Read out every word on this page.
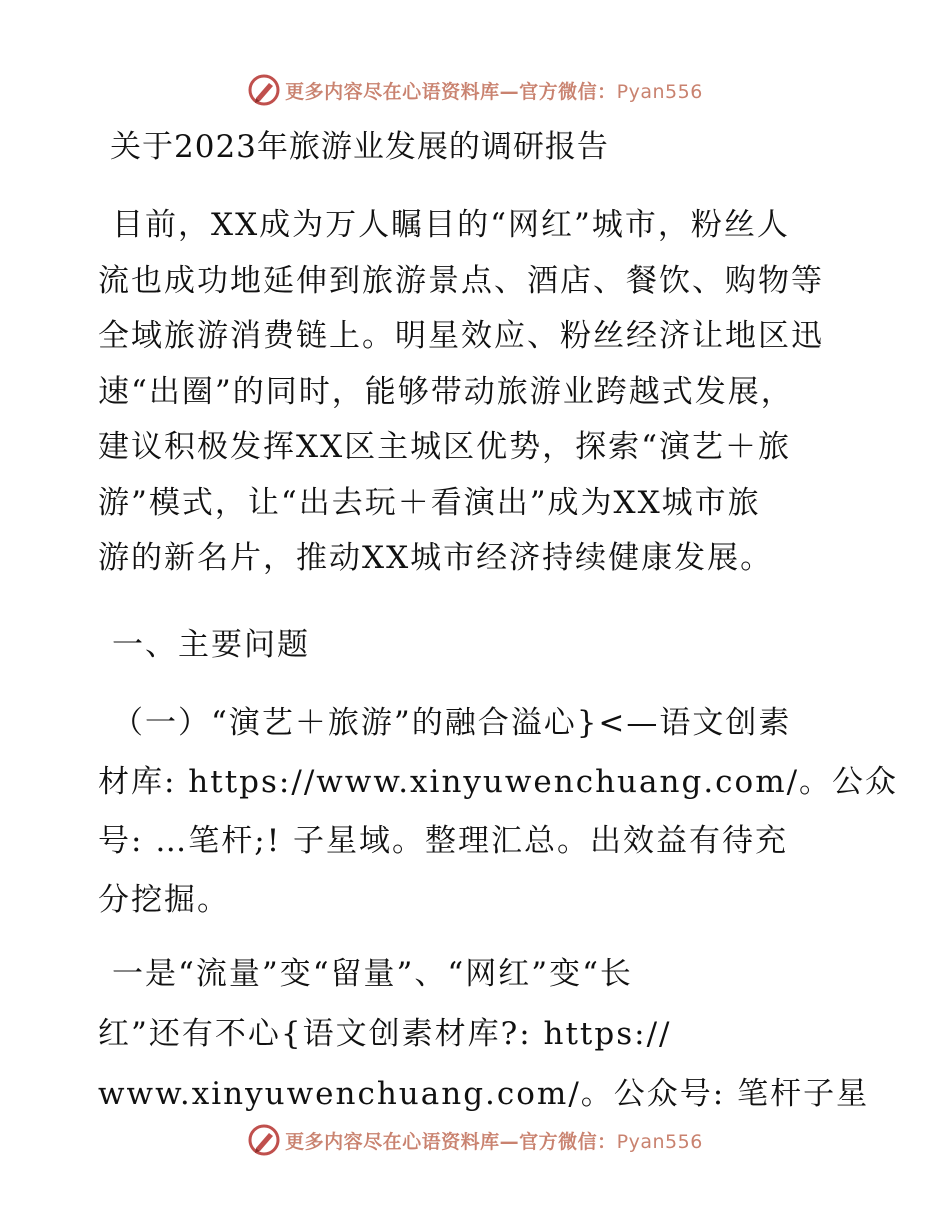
更多内容尽在心语资料库—官方微信：Pyan556
关于2023年旅游业发展的调研报告
目前，XX成为万人瞩目的“网红”城市，粉丝人
流也成功地延伸到旅游景点、酒店、餐饮、购物等
全域旅游消费链上。明星效应、粉丝经济让地区迅
速“出圈”的同时，能够带动旅游业跨越式发展，
建议积极发挥XX区主城区优势，探索“演艺＋旅
游”模式，让“出去玩＋看演出”成为XX城市旅
游的新名片，推动XX城市经济持续健康发展。
一、主要问题
（一）“演艺＋旅游”的融合溢心}<—语文创素
材库: https://www.xinyuwenchuang.com/。公众
号: …笔杆;! 子星域。整理汇总。出效益有待充
分挖掘。
一是“流量”变“留量”、“网红”变“长
红”还有不心{语文创素材库?: https://
www.xinyuwenchuang.com/。公众号: 笔杆子星
更多内容尽在心语资料库—官方微信：Pyan556
